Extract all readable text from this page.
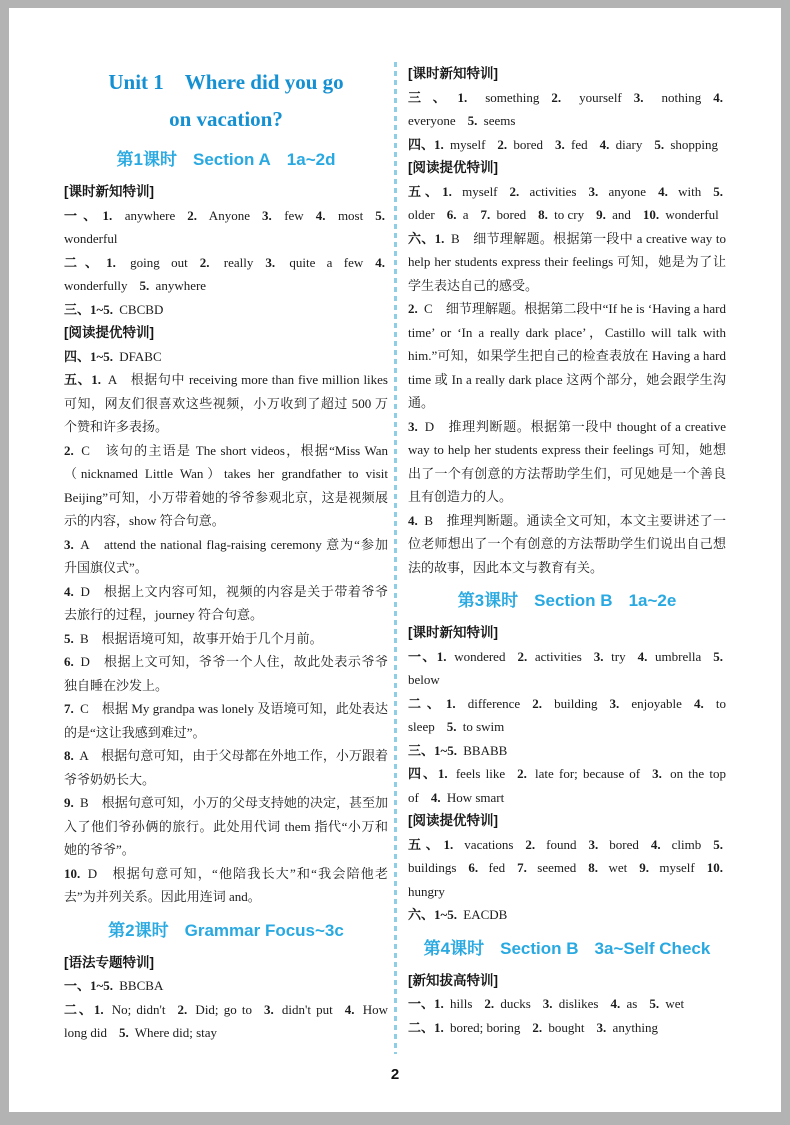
Unit 1　Where did you go
on vacation?
第1课时 Section A 1a~2d
[课时新知特训]

一、1. anywhere 2. Anyone 3. few 4. most 5. wonderful

二、1. going out 2. really 3. quite a few 4. wonderfully 5. anywhere

三、1~5. CBCBD

[阅读提优特训]

四、1~5. DFABC

五、1. A　根据句中 receiving more than five million likes 可知，网友们很喜欢这些视频，小万收到了超过 500 万个赞和许多表扬。

2. C　该句的主语是 The short videos，根据“Miss Wan（nicknamed Little Wan）takes her grandfather to visit Beijing”可知，小万带着她的爷爷参观北京，这是视频展示的内容，show 符合句意。

3. A　attend the national flag-raising ceremony 意为“参加升国旗仪式”。

4. D　根据上文内容可知，视频的内容是关于带着爷爷去旅行的过程，journey 符合句意。

5. B　根据语境可知，故事开始于几个月前。

6. D　根据上文可知，爷爷一个人住，故此处表示爷爷独自睡在沙发上。

7. C　根据 My grandpa was lonely 及语境可知，此处表达的是“这让我感到难过”。

8. A　根据句意可知，由于父母都在外地工作，小万跟着爷爷奶奶长大。

9. B　根据句意可知，小万的父母支持她的决定，甚至加入了他们爷孙俩的旅行。此处用代词 them 指代“小万和她的爷爷”。

10. D　根据句意可知，“他陪我长大”和“我会陪他老去”为并列关系。因此用连词 and。

第2课时 Grammar Focus~3c
[语法专题特训]

一、1~5. BBCBA

二、1. No; didn't 2. Did; go to 3. didn't put 4. How long did 5. Where did; stay

[课时新知特训]

三、1. something 2. yourself 3. nothing 4. everyone 5. seems

四、1. myself 2. bored 3. fed 4. diary 5. shopping

[阅读提优特训]

五、1. myself 2. activities 3. anyone 4. with 5. older 6. a 7. bored 8. to cry 9. and 10. wonderful

六、1. B　细节理解题。根据第一段中 a creative way to help her students express their feelings 可知，她是为了让学生表达自己的感受。

2. C　细节理解题。根据第二段中“If he is ‘Having a hard time’ or ‘In a really dark place’，Castillo will talk with him.”可知，如果学生把自己的检查表放在 Having a hard time 或 In a really dark place 这两个部分，她会跟学生沟通。

3. D　推理判断题。根据第一段中 thought of a creative way to help her students express their feelings 可知，她想出了一个有创意的方法帮助学生们，可见她是一个善良且有创造力的人。

4. B　推理判断题。通读全文可知，本文主要讲述了一位老师想出了一个有创意的方法帮助学生们说出自己想法的故事，因此本文与教育有关。

第3课时 Section B 1a~2e
[课时新知特训]

一、1. wondered 2. activities 3. try 4. umbrella 5. below

二、1. difference 2. building 3. enjoyable 4. to sleep 5. to swim

三、1~5. BBABB

四、1. feels like 2. late for; because of 3. on the top of 4. How smart

[阅读提优特训]

五、1. vacations 2. found 3. bored 4. climb 5. buildings 6. fed 7. seemed 8. wet 9. myself 10. hungry

六、1~5. EACDB

第4课时 Section B 3a~Self Check
[新知拔高特训]

一、1. hills 2. ducks 3. dislikes 4. as 5. wet

二、1. bored; boring 2. bought 3. anything

2
